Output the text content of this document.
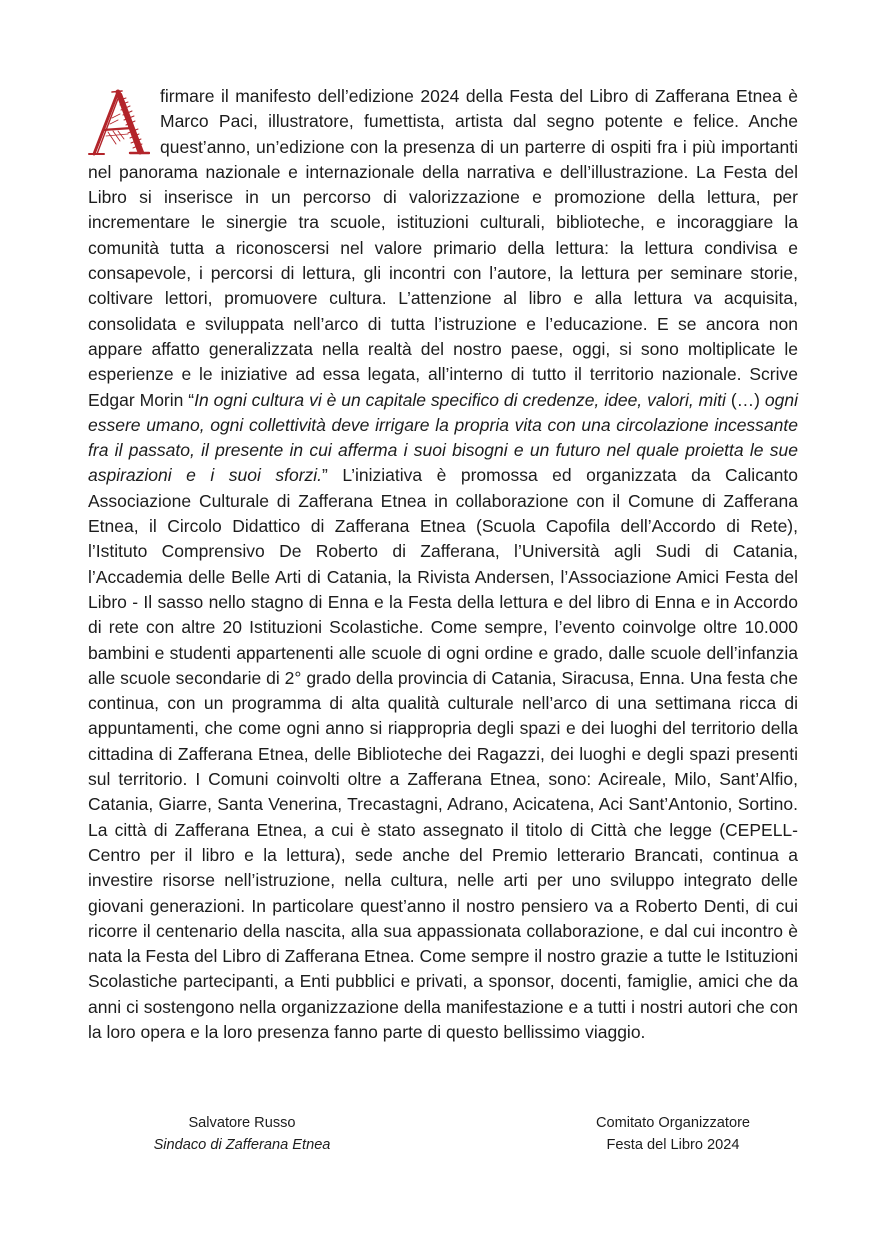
firmare il manifesto dell’edizione 2024 della Festa del Libro di Zafferana Etnea è Marco Paci, illustratore, fumettista, artista dal segno potente e felice. Anche quest’anno, un’edizione con la presenza di un parterre di ospiti fra i più importanti nel panorama nazionale e internazionale della narrativa e dell’illustrazione. La Festa del Libro si inserisce in un percorso di valorizzazione e promozione della lettura, per incrementare le sinergie tra scuole, istituzioni culturali, biblioteche, e incoraggiare la comunità tutta a riconoscersi nel valore primario della lettura: la lettura condivisa e consapevole, i percorsi di lettura, gli incontri con l’autore, la lettura per seminare storie, coltivare lettori, promuovere cultura. L’attenzione al libro e alla lettura va acquisita, consolidata e sviluppata nell’arco di tutta l’istruzione e l’educazione. E se ancora non appare affatto generalizzata nella realtà del nostro paese, oggi, si sono moltiplicate le esperienze e le iniziative ad essa legata, all’interno di tutto il territorio nazionale. Scrive Edgar Morin “In ogni cultura vi è un capitale specifico di credenze, idee, valori, miti (…) ogni essere umano, ogni collettività deve irrigare la propria vita con una circolazione incessante fra il passato, il presente in cui afferma i suoi bisogni e un futuro nel quale proietta le sue aspirazioni e i suoi sforzi.” L’iniziativa è promossa ed organizzata da Calicanto Associazione Culturale di Zafferana Etnea in collaborazione con il Comune di Zafferana Etnea, il Circolo Didattico di Zafferana Etnea (Scuola Capofila dell’Accordo di Rete), l’Istituto Comprensivo De Roberto di Zafferana, l’Università agli Sudi di Catania, l’Accademia delle Belle Arti di Catania, la Rivista Andersen, l’Associazione Amici Festa del Libro - Il sasso nello stagno di Enna e la Festa della lettura e del libro di Enna e in Accordo di rete con altre 20 Istituzioni Scolastiche. Come sempre, l’evento coinvolge oltre 10.000 bambini e studenti appartenenti alle scuole di ogni ordine e grado, dalle scuole dell’infanzia alle scuole secondarie di 2° grado della provincia di Catania, Siracusa, Enna. Una festa che continua, con un programma di alta qualità culturale nell’arco di una settimana ricca di appuntamenti, che come ogni anno si riappropria degli spazi e dei luoghi del territorio della cittadina di Zafferana Etnea, delle Biblioteche dei Ragazzi, dei luoghi e degli spazi presenti sul territorio. I Comuni coinvolti oltre a Zafferana Etnea, sono: Acireale, Milo, Sant’Alfio, Catania, Giarre, Santa Venerina, Trecastagni, Adrano, Acicatena, Aci Sant’Antonio, Sortino. La città di Zafferana Etnea, a cui è stato assegnato il titolo di Città che legge (CEPELL- Centro per il libro e la lettura), sede anche del Premio letterario Brancati, continua a investire risorse nell’istruzione, nella cultura, nelle arti per uno sviluppo integrato delle giovani generazioni. In particolare quest’anno il nostro pensiero va a Roberto Denti, di cui ricorre il centenario della nascita, alla sua appassionata collaborazione, e dal cui incontro è nata la Festa del Libro di Zafferana Etnea. Come sempre il nostro grazie a tutte le Istituzioni Scolastiche partecipanti, a Enti pubblici e privati, a sponsor, docenti, famiglie, amici che da anni ci sostengono nella organizzazione della manifestazione e a tutti i nostri autori che con la loro opera e la loro presenza fanno parte di questo bellissimo viaggio.

Salvatore Russo
Sindaco di Zafferana Etnea
Comitato Organizzatore
Festa del Libro 2024
